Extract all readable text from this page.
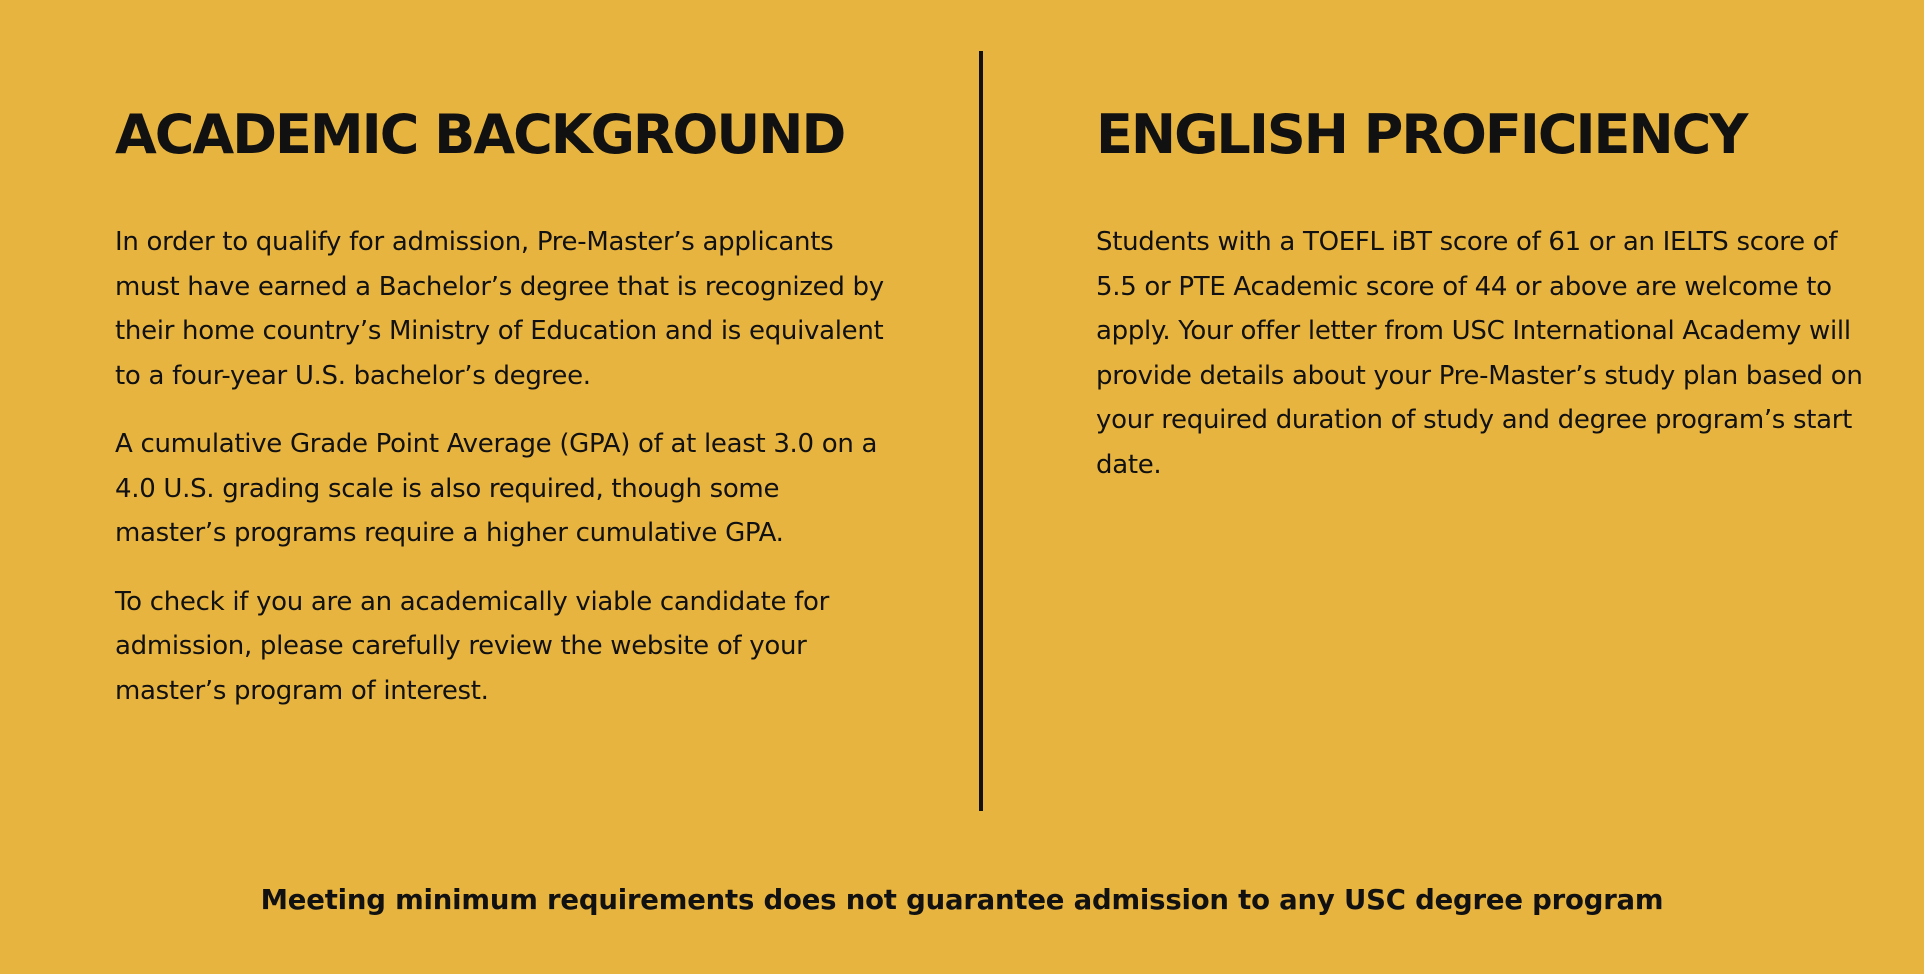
ACADEMIC BACKGROUND

In order to qualify for admission, Pre-Master’s applicants must have earned a Bachelor’s degree that is recognized by their home country’s Ministry of Education and is equivalent to a four-year U.S. bachelor’s degree.

A cumulative Grade Point Average (GPA) of at least 3.0 on a 4.0 U.S. grading scale is also required, though some master’s programs require a higher cumulative GPA.

To check if you are an academically viable candidate for admission, please carefully review the website of your master’s program of interest.

ENGLISH PROFICIENCY

Students with a TOEFL iBT score of 61 or an IELTS score of 5.5 or PTE Academic score of 44 or above are welcome to apply. Your offer letter from USC International Academy will provide details about your Pre-Master’s study plan based on your required duration of study and degree program’s start date.

Meeting minimum requirements does not guarantee admission to any USC degree program
